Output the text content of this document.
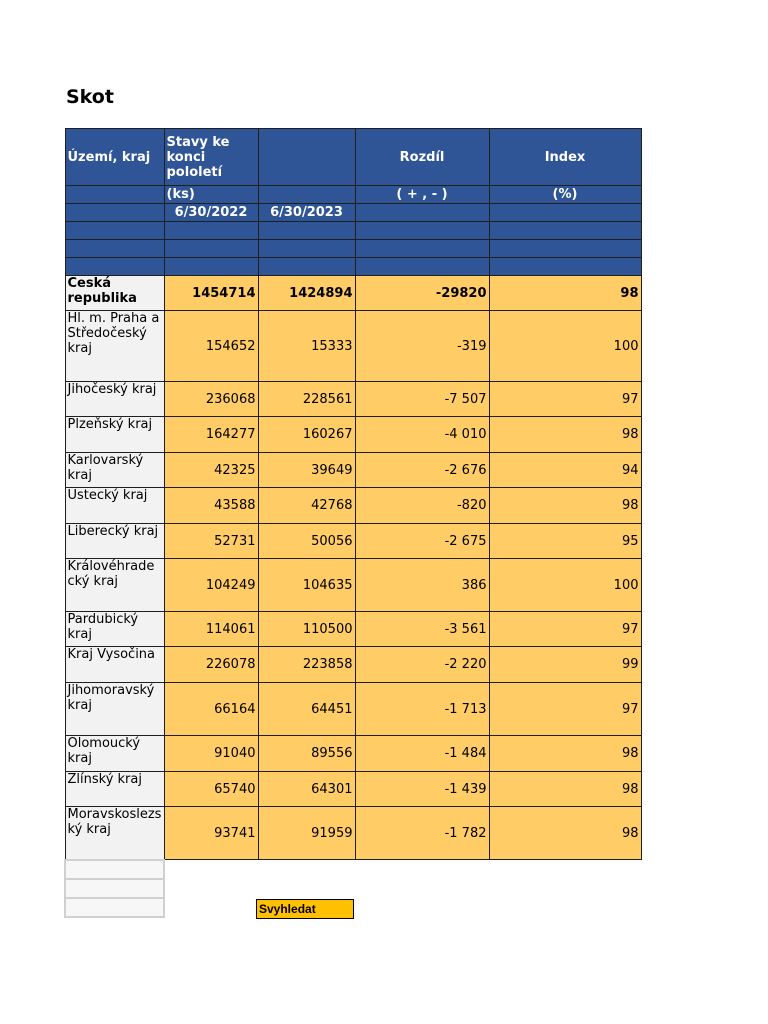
Skot
Území, kraj	Stavy ke konci pololetí		Rozdíl	Index
	(ks)		( + , - )	(%)
	6/30/2022	6/30/2023		

Česká republika	1454714	1424894	-29820	98
Hl. m. Praha a Středočeský kraj	154652	15333	-319	100
Jihočeský kraj	236068	228561	-7 507	97
Plzeňský kraj	164277	160267	-4 010	98
Karlovarský kraj	42325	39649	-2 676	94
Ústecký kraj	43588	42768	-820	98
Liberecký kraj	52731	50056	-2 675	95
Královéhradecký kraj	104249	104635	386	100
Pardubický kraj	114061	110500	-3 561	97
Kraj Vysočina	226078	223858	-2 220	99
Jihomoravský kraj	66164	64451	-1 713	97
Olomoucký kraj	91040	89556	-1 484	98
Zlínský kraj	65740	64301	-1 439	98
Moravskoslezský kraj	93741	91959	-1 782	98

Svyhledat
